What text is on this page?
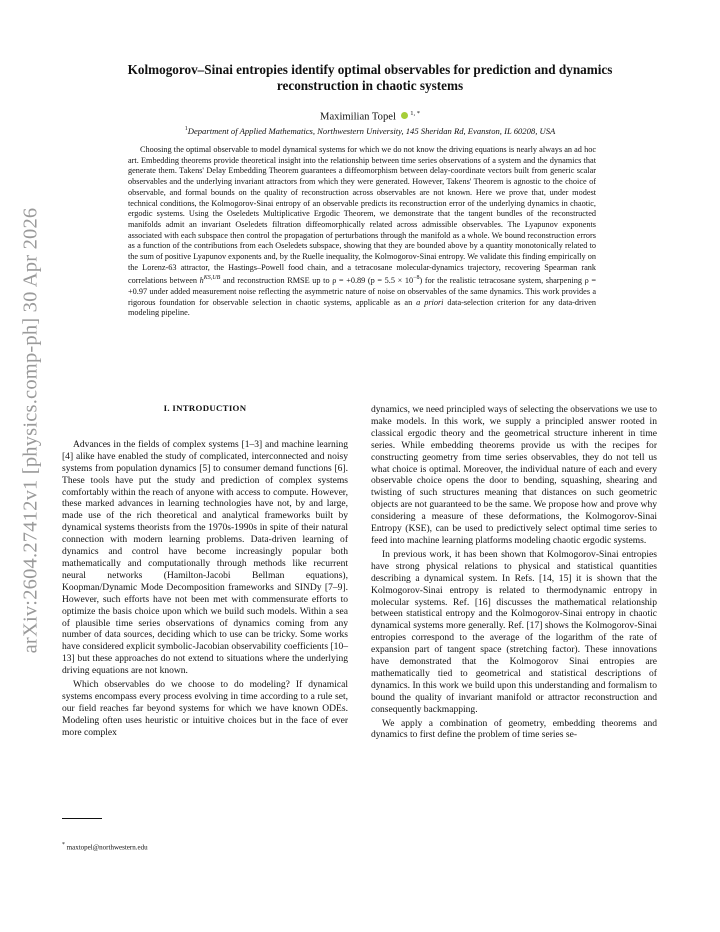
arXiv:2604.27412v1 [physics.comp-ph] 30 Apr 2026
Kolmogorov–Sinai entropies identify optimal observables for prediction and dynamics reconstruction in chaotic systems
Maximilian Topel $^{1, *}$
$^1$Department of Applied Mathematics, Northwestern University, 145 Sheridan Rd, Evanston, IL 60208, USA
Choosing the optimal observable to model dynamical systems for which we do not know the driving equations is nearly always an ad hoc art. Embedding theorems provide theoretical insight into the relationship between time series observations of a system and the dynamics that generate them. Takens' Delay Embedding Theorem guarantees a diffeomorphism between delay-coordinate vectors built from generic scalar observables and the underlying invariant attractors from which they were generated. However, Takens' Theorem is agnostic to the choice of observable, and formal bounds on the quality of reconstruction across observables are not known. Here we prove that, under modest technical conditions, the Kolmogorov-Sinai entropy of an observable predicts its reconstruction error of the underlying dynamics in chaotic, ergodic systems. Using the Oseledets Multiplicative Ergodic Theorem, we demonstrate that the tangent bundles of the reconstructed manifolds admit an invariant Oseledets filtration diffeomorphically related across admissible observables. The Lyapunov exponents associated with each subspace then control the propagation of perturbations through the manifold as a whole. We bound reconstruction errors as a function of the contributions from each Oseledets subspace, showing that they are bounded above by a quantity monotonically related to the sum of positive Lyapunov exponents and, by the Ruelle inequality, the Kolmogorov-Sinai entropy. We validate this finding empirically on the Lorenz-63 attractor, the Hastings–Powell food chain, and a tetracosane molecular-dynamics trajectory, recovering Spearman rank correlations between $h^{KS,UB}$ and reconstruction RMSE up to ρ = +0.89 $(p = 5.5 \times 10^{-8})$ for the realistic tetracosane system, sharpening ρ = +0.97 under added measurement noise reflecting the asymmetric nature of noise on observables of the same dynamics. This work provides a rigorous foundation for observable selection in chaotic systems, applicable as an a priori data-selection criterion for any data-driven modeling pipeline.
I. INTRODUCTION

Advances in the fields of complex systems [1–3] and machine learning [4] alike have enabled the study of complicated, interconnected and noisy systems from population dynamics [5] to consumer demand functions [6]. These tools have put the study and prediction of complex systems comfortably within the reach of anyone with access to compute. However, these marked advances in learning technologies have not, by and large, made use of the rich theoretical and analytical frameworks built by dynamical systems theorists from the 1970s-1990s in spite of their natural connection with modern learning problems. Data-driven learning of dynamics and control have become increasingly popular both mathematically and computationally through methods like recurrent neural networks (Hamilton-Jacobi Bellman equations), Koopman/Dynamic Mode Decomposition frameworks and SINDy [7–9]. However, such efforts have not been met with commensurate efforts to optimize the basis choice upon which we build such models. Within a sea of plausible time series observations of dynamics coming from any number of data sources, deciding which to use can be tricky. Some works have considered explicit symbolic-Jacobian observability coefficients [10–13] but these approaches do not extend to situations where the underlying driving equations are not known.

Which observables do we choose to do modeling? If dynamical systems encompass every process evolving in time according to a rule set, our field reaches far beyond systems for which we have known ODEs. Modeling often uses heuristic or intuitive choices but in the face of ever more complex

dynamics, we need principled ways of selecting the observations we use to make models. In this work, we supply a principled answer rooted in classical ergodic theory and the geometrical structure inherent in time series. While embedding theorems provide us with the recipes for constructing geometry from time series observables, they do not tell us what choice is optimal. Moreover, the individual nature of each and every observable choice opens the door to bending, squashing, shearing and twisting of such structures meaning that distances on such geometric objects are not guaranteed to be the same. We propose how and prove why considering a measure of these deformations, the Kolmogorov-Sinai Entropy (KSE), can be used to predictively select optimal time series to feed into machine learning platforms modeling chaotic ergodic systems.

In previous work, it has been shown that Kolmogorov-Sinai entropies have strong physical relations to physical and statistical quantities describing a dynamical system. In Refs. [14, 15] it is shown that the Kolmogorov-Sinai entropy is related to thermodynamic entropy in molecular systems. Ref. [16] discusses the mathematical relationship between statistical entropy and the Kolmogorov-Sinai entropy in chaotic dynamical systems more generally. Ref. [17] shows the Kolmogorov-Sinai entropies correspond to the average of the logarithm of the rate of expansion part of tangent space (stretching factor). These innovations have demonstrated that the Kolmogorov Sinai entropies are mathematically tied to geometrical and statistical descriptions of dynamics. In this work we build upon this understanding and formalism to bound the quality of invariant manifold or attractor reconstruction and consequently backmapping.

We apply a combination of geometry, embedding theorems and dynamics to first define the problem of time series se-

* maxtopel@northwestern.edu
